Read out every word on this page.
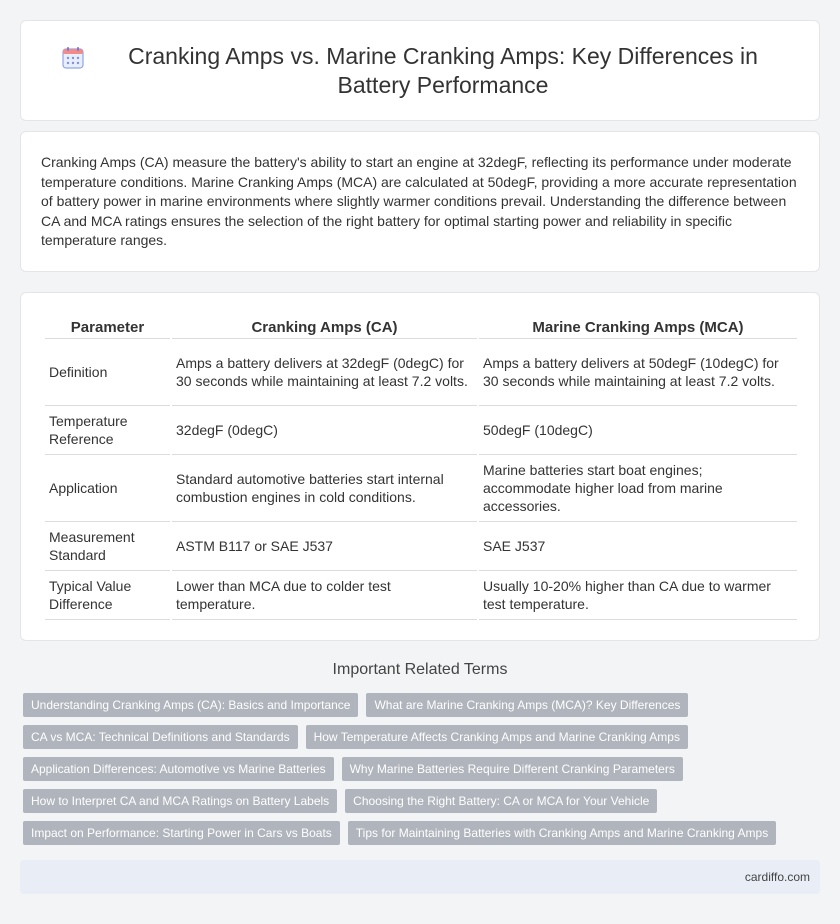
Cranking Amps vs. Marine Cranking Amps: Key Differences in Battery Performance

Cranking Amps (CA) measure the battery's ability to start an engine at 32degF, reflecting its performance under moderate temperature conditions. Marine Cranking Amps (MCA) are calculated at 50degF, providing a more accurate representation of battery power in marine environments where slightly warmer conditions prevail. Understanding the difference between CA and MCA ratings ensures the selection of the right battery for optimal starting power and reliability in specific temperature ranges.

Parameter	Cranking Amps (CA)	Marine Cranking Amps (MCA)
Definition	Amps a battery delivers at 32degF (0degC) for 30 seconds while maintaining at least 7.2 volts.	Amps a battery delivers at 50degF (10degC) for 30 seconds while maintaining at least 7.2 volts.
Temperature Reference	32degF (0degC)	50degF (10degC)
Application	Standard automotive batteries start internal combustion engines in cold conditions.	Marine batteries start boat engines; accommodate higher load from marine accessories.
Measurement Standard	ASTM B117 or SAE J537	SAE J537
Typical Value Difference	Lower than MCA due to colder test temperature.	Usually 10-20% higher than CA due to warmer test temperature.
Important Related Terms
Understanding Cranking Amps (CA): Basics and Importance	What are Marine Cranking Amps (MCA)? Key Differences
CA vs MCA: Technical Definitions and Standards	How Temperature Affects Cranking Amps and Marine Cranking Amps
Application Differences: Automotive vs Marine Batteries	Why Marine Batteries Require Different Cranking Parameters
How to Interpret CA and MCA Ratings on Battery Labels	Choosing the Right Battery: CA or MCA for Your Vehicle
Impact on Performance: Starting Power in Cars vs Boats	Tips for Maintaining Batteries with Cranking Amps and Marine Cranking Amps
cardiffo.com
